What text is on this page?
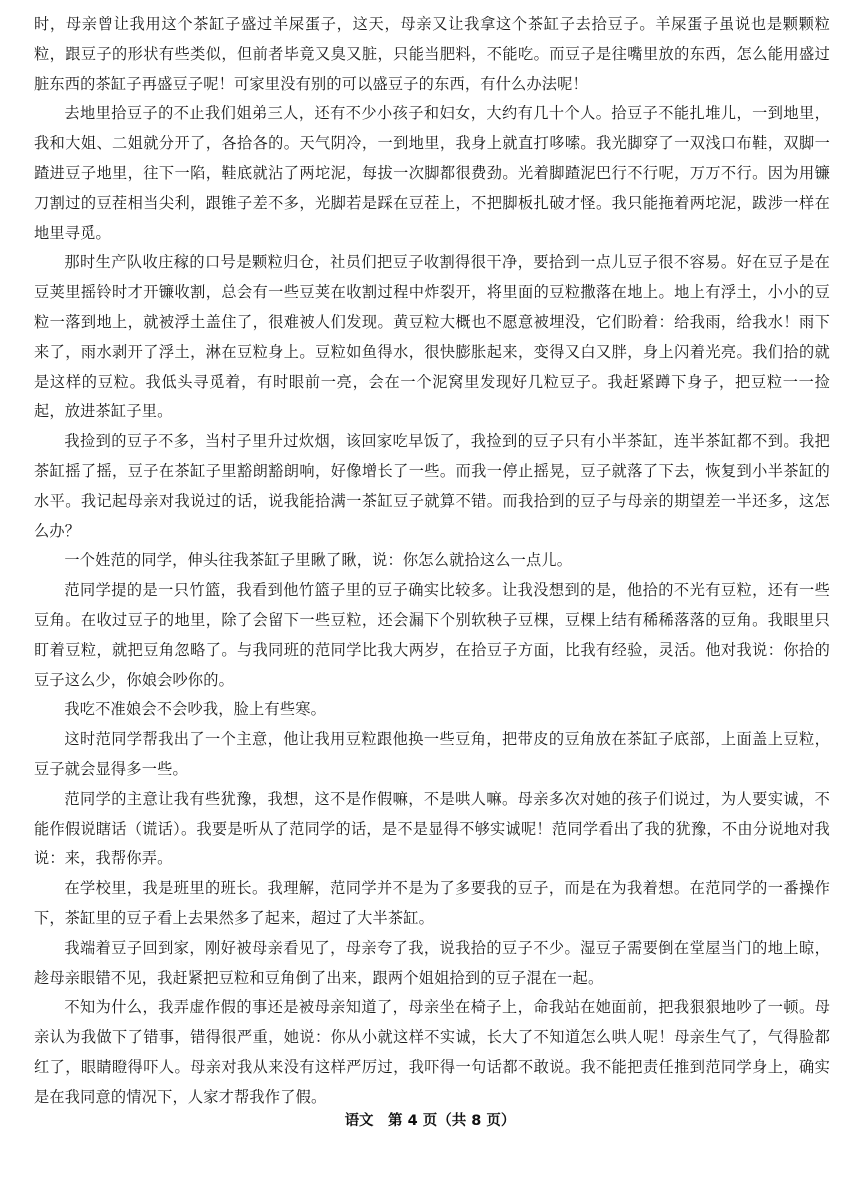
时，母亲曾让我用这个茶缸子盛过羊屎蛋子，这天，母亲又让我拿这个茶缸子去拾豆子。羊屎蛋子虽说也是颗颗粒粒，跟豆子的形状有些类似，但前者毕竟又臭又脏，只能当肥料，不能吃。而豆子是往嘴里放的东西，怎么能用盛过脏东西的茶缸子再盛豆子呢！可家里没有别的可以盛豆子的东西，有什么办法呢！

去地里拾豆子的不止我们姐弟三人，还有不少小孩子和妇女，大约有几十个人。拾豆子不能扎堆儿，一到地里，我和大姐、二姐就分开了，各拾各的。天气阴冷，一到地里，我身上就直打哆嗦。我光脚穿了一双浅口布鞋，双脚一蹅进豆子地里，往下一陷，鞋底就沾了两坨泥，每拔一次脚都很费劲。光着脚蹅泥巴行不行呢，万万不行。因为用镰刀割过的豆茬相当尖利，跟锥子差不多，光脚若是踩在豆茬上，不把脚板扎破才怪。我只能拖着两坨泥，跋涉一样在地里寻觅。

那时生产队收庄稼的口号是颗粒归仓，社员们把豆子收割得很干净，要拾到一点儿豆子很不容易。好在豆子是在豆荚里摇铃时才开镰收割，总会有一些豆荚在收割过程中炸裂开，将里面的豆粒撒落在地上。地上有浮土，小小的豆粒一落到地上，就被浮土盖住了，很难被人们发现。黄豆粒大概也不愿意被埋没，它们盼着：给我雨，给我水！雨下来了，雨水剥开了浮土，淋在豆粒身上。豆粒如鱼得水，很快膨胀起来，变得又白又胖，身上闪着光亮。我们拾的就是这样的豆粒。我低头寻觅着，有时眼前一亮，会在一个泥窝里发现好几粒豆子。我赶紧蹲下身子，把豆粒一一捡起，放进茶缸子里。

我捡到的豆子不多，当村子里升过炊烟，该回家吃早饭了，我捡到的豆子只有小半茶缸，连半茶缸都不到。我把茶缸摇了摇，豆子在茶缸子里豁朗豁朗响，好像增长了一些。而我一停止摇晃，豆子就落了下去，恢复到小半茶缸的水平。我记起母亲对我说过的话，说我能拾满一茶缸豆子就算不错。而我拾到的豆子与母亲的期望差一半还多，这怎么办？

一个姓范的同学，伸头往我茶缸子里瞅了瞅，说：你怎么就拾这么一点儿。

范同学提的是一只竹篮，我看到他竹篮子里的豆子确实比较多。让我没想到的是，他拾的不光有豆粒，还有一些豆角。在收过豆子的地里，除了会留下一些豆粒，还会漏下个别软秧子豆棵，豆棵上结有稀稀落落的豆角。我眼里只盯着豆粒，就把豆角忽略了。与我同班的范同学比我大两岁，在拾豆子方面，比我有经验，灵活。他对我说：你拾的豆子这么少，你娘会吵你的。

我吃不准娘会不会吵我，脸上有些寒。

这时范同学帮我出了一个主意，他让我用豆粒跟他换一些豆角，把带皮的豆角放在茶缸子底部，上面盖上豆粒，豆子就会显得多一些。

范同学的主意让我有些犹豫，我想，这不是作假嘛，不是哄人嘛。母亲多次对她的孩子们说过，为人要实诚，不能作假说瞎话（谎话）。我要是听从了范同学的话，是不是显得不够实诚呢！范同学看出了我的犹豫，不由分说地对我说：来，我帮你弄。

在学校里，我是班里的班长。我理解，范同学并不是为了多要我的豆子，而是在为我着想。在范同学的一番操作下，茶缸里的豆子看上去果然多了起来，超过了大半茶缸。

我端着豆子回到家，刚好被母亲看见了，母亲夸了我，说我拾的豆子不少。湿豆子需要倒在堂屋当门的地上晾，趁母亲眼错不见，我赶紧把豆粒和豆角倒了出来，跟两个姐姐拾到的豆子混在一起。

不知为什么，我弄虚作假的事还是被母亲知道了，母亲坐在椅子上，命我站在她面前，把我狠狠地吵了一顿。母亲认为我做下了错事，错得很严重，她说：你从小就这样不实诚，长大了不知道怎么哄人呢！母亲生气了，气得脸都红了，眼睛瞪得吓人。母亲对我从来没有这样严厉过，我吓得一句话都不敢说。我不能把责任推到范同学身上，确实是在我同意的情况下，人家才帮我作了假。

语文　第 4 页（共 8 页）
